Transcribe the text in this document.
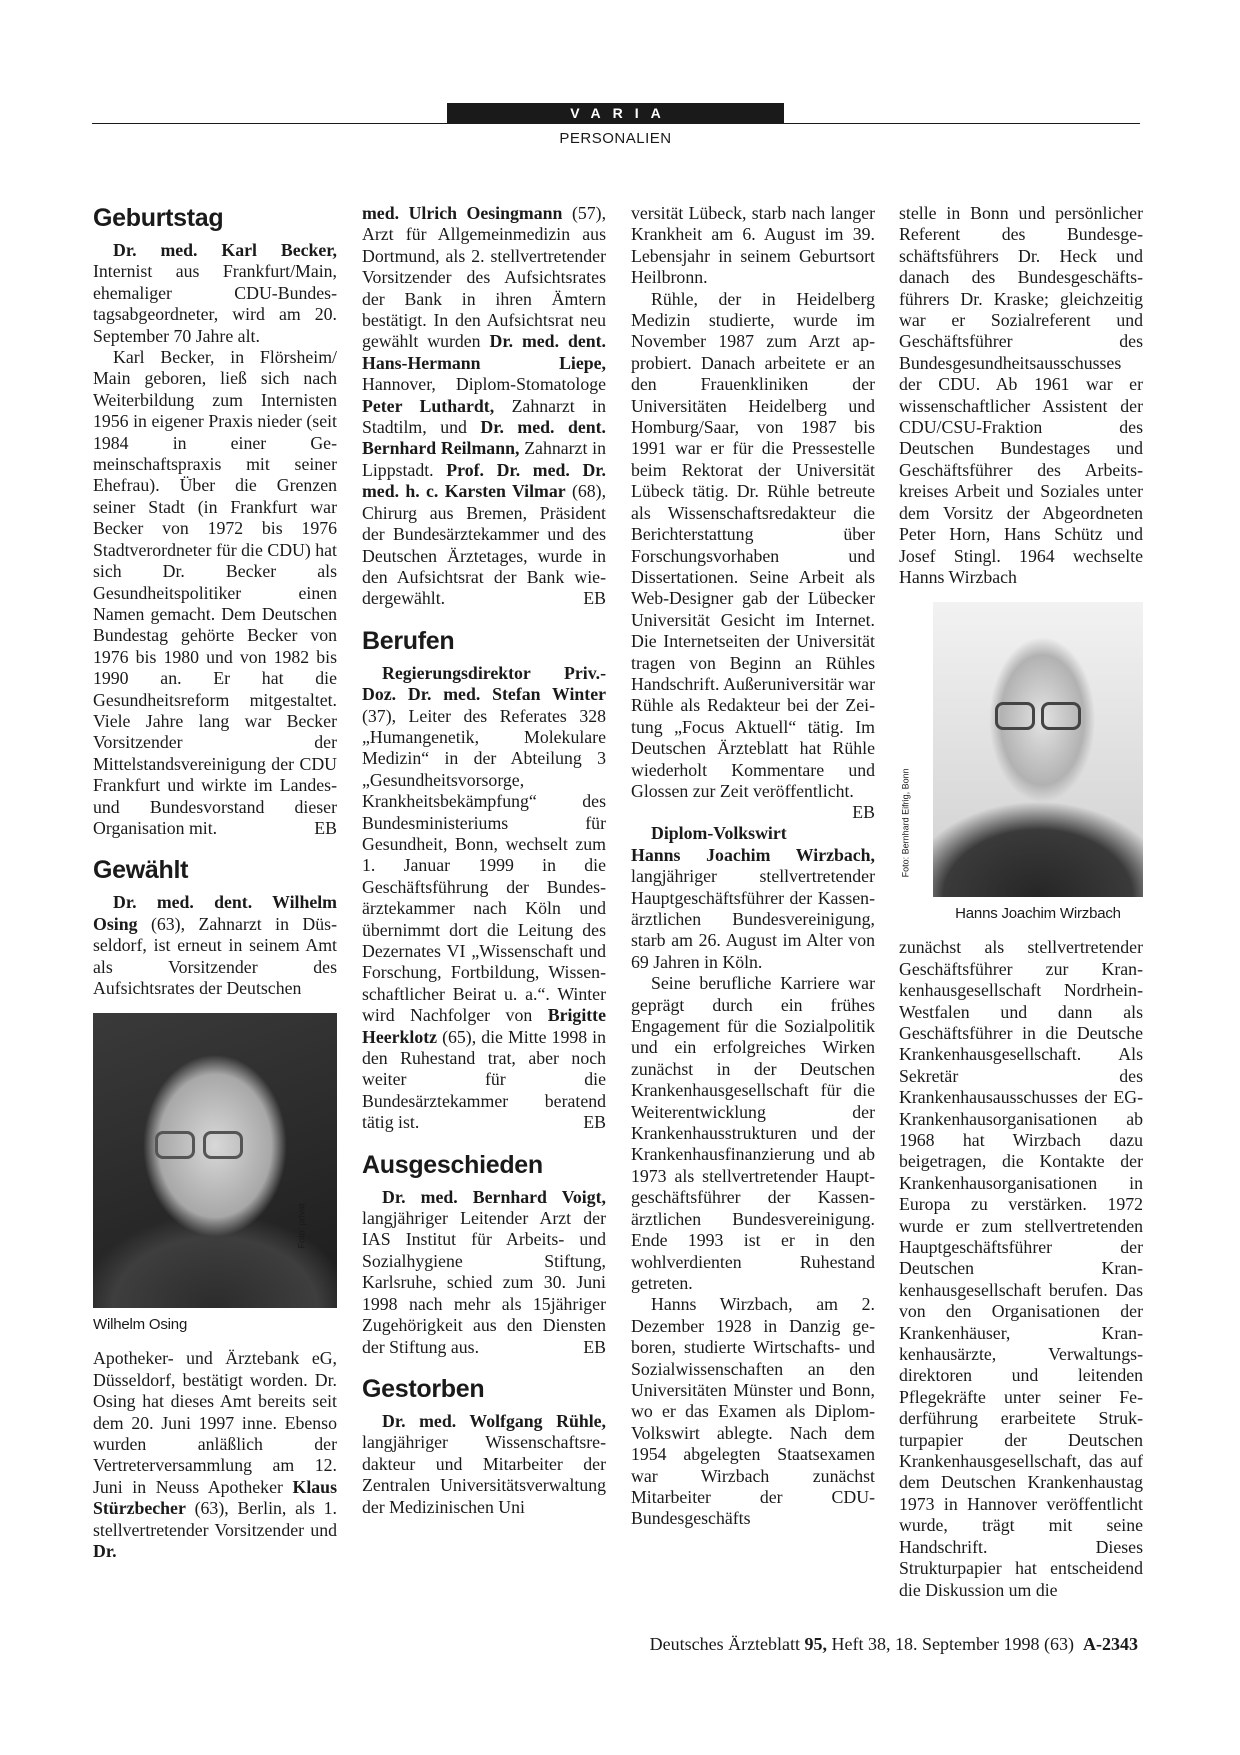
VARIA
PERSONALIEN
Geburtstag

Dr. med. Karl Becker, Internist aus Frankfurt/Main, ehemaliger CDU-Bundestagsabgeordneter, wird am 20. September 70 Jahre alt.

Karl Becker, in Flörsheim/ Main geboren, ließ sich nach Weiterbildung zum Internisten 1956 in eigener Praxis nieder (seit 1984 in einer Gemeinschaftspraxis mit seiner Ehefrau). Über die Grenzen seiner Stadt (in Frankfurt war Becker von 1972 bis 1976 Stadtverordneter für die CDU) hat sich Dr. Becker als Gesundheitspolitiker einen Namen gemacht. Dem Deutschen Bundestag gehörte Becker von 1976 bis 1980 und von 1982 bis 1990 an. Er hat die Gesundheitsreform mitgestaltet. Viele Jahre lang war Becker Vorsitzender der Mittelstandsvereinigung der CDU Frankfurt und wirkte im Landes- und Bundesvorstand dieser Organisation mit.	EB

Gewählt

Dr. med. dent. Wilhelm Osing (63), Zahnarzt in Düsseldorf, ist erneut in seinem Amt als Vorsitzender des Aufsichtsrates der Deutschen

Foto: privat
Wilhelm Osing

Apotheker- und Ärztebank eG, Düsseldorf, bestätigt worden. Dr. Osing hat dieses Amt bereits seit dem 20. Juni 1997 inne. Ebenso wurden anläßlich der Vertreterversammlung am 12. Juni in Neuss Apotheker Klaus Stürzbecher (63), Berlin, als 1. stellvertretender Vorsitzender und Dr.

med. Ulrich Oesingmann (57), Arzt für Allgemeinmedizin aus Dortmund, als 2. stellvertretender Vorsitzender des Aufsichtsrates der Bank in ihren Ämtern bestätigt. In den Aufsichtsrat neu gewählt wurden Dr. med. dent. Hans-Hermann Liepe, Hannover, Diplom-Stomatologe Peter Luthardt, Zahnarzt in Stadtilm, und Dr. med. dent. Bernhard Reilmann, Zahnarzt in Lippstadt. Prof. Dr. med. Dr. med. h. c. Karsten Vilmar (68), Chirurg aus Bremen, Präsident der Bundesärztekammer und des Deutschen Ärztetages, wurde in den Aufsichtsrat der Bank wiedergewählt.	EB

Berufen

Regierungsdirektor Priv.-Doz. Dr. med. Stefan Winter (37), Leiter des Referates 328 „Humangenetik, Molekulare Medizin“ in der Abteilung 3 „Gesundheitsvorsorge, Krankheitsbekämpfung“ des Bundesministeriums für Gesundheit, Bonn, wechselt zum 1. Januar 1999 in die Geschäftsführung der Bundes-ärztekammer nach Köln und übernimmt dort die Leitung des Dezernates VI „Wissenschaft und Forschung, Fortbildung, Wissenschaftlicher Beirat u. a.“. Winter wird Nachfolger von Brigitte Heerklotz (65), die Mitte 1998 in den Ruhestand trat, aber noch weiter für die Bundesärztekammer beratend tätig ist.	EB

Ausgeschieden

Dr. med. Bernhard Voigt, langjähriger Leitender Arzt der IAS Institut für Arbeits- und Sozialhygiene Stiftung, Karlsruhe, schied zum 30. Juni 1998 nach mehr als 15jähriger Zugehörigkeit aus den Diensten der Stiftung aus.	EB

Gestorben

Dr. med. Wolfgang Rühle, langjähriger Wissenschaftsredakteur und Mitarbeiter der Zentralen Universitätsverwaltung der Medizinischen Uni

versität Lübeck, starb nach langer Krankheit am 6. August im 39. Lebensjahr in seinem Geburtsort Heilbronn.

Rühle, der in Heidelberg Medizin studierte, wurde im November 1987 zum Arzt approbiert. Danach arbeitete er an den Frauenkliniken der Universitäten Heidelberg und Homburg/Saar, von 1987 bis 1991 war er für die Pressestelle beim Rektorat der Universität Lübeck tätig. Dr. Rühle betreute als Wissenschaftsredakteur die Berichterstattung über Forschungsvorhaben und Dissertationen. Seine Arbeit als Web-Designer gab der Lübecker Universität Gesicht im Internet. Die Internetseiten der Universität tragen von Beginn an Rühles Handschrift. Außeruniversitär war Rühle als Redakteur bei der Zeitung „Focus Aktuell“ tätig. Im Deutschen Ärzteblatt hat Rühle wiederholt Kommentare und Glossen zur Zeit veröffentlicht.
EB

Diplom-Volkswirt Hanns Joachim Wirzbach, langjähriger stellvertretender Hauptgeschäftsführer der Kassenärztlichen Bundesvereinigung, starb am 26. August im Alter von 69 Jahren in Köln.

Seine berufliche Karriere war geprägt durch ein frühes Engagement für die Sozialpolitik und ein erfolgreiches Wirken zunächst in der Deutschen Krankenhausgesellschaft für die Weiterentwicklung der Krankenhausstrukturen und der Krankenhausfinanzierung und ab 1973 als stellvertretender Hauptgeschäftsführer der Kassenärztlichen Bundesvereinigung. Ende 1993 ist er in den wohlverdienten Ruhestand getreten.

Hanns Wirzbach, am 2. Dezember 1928 in Danzig geboren, studierte Wirtschafts- und Sozialwissenschaften an den Universitäten Münster und Bonn, wo er das Examen als Diplom-Volkswirt ablegte. Nach dem 1954 abgelegten Staatsexamen war Wirzbach zunächst Mitarbeiter der CDU-Bundesgeschäfts

stelle in Bonn und persönlicher Referent des Bundesgeschäftsführers Dr. Heck und danach des Bundesgeschäftsführers Dr. Kraske; gleichzeitig war er Sozialreferent und Geschäftsführer des Bundesgesundheitsausschusses der CDU. Ab 1961 war er wissenschaftlicher Assistent der CDU/CSU-Fraktion des Deutschen Bundestages und Geschäftsführer des Arbeitskreises Arbeit und Soziales unter dem Vorsitz der Abgeordneten Peter Horn, Hans Schütz und Josef Stingl. 1964 wechselte Hanns Wirzbach

Foto: Bernhard Eifrig, Bonn
Hanns Joachim Wirzbach

zunächst als stellvertretender Geschäftsführer zur Krankenhausgesellschaft Nordrhein-Westfalen und dann als Geschäftsführer in die Deutsche Krankenhausgesellschaft. Als Sekretär des Krankenhausausschusses der EG-Krankenhausorganisationen ab 1968 hat Wirzbach dazu beigetragen, die Kontakte der Krankenhausorganisationen in Europa zu verstärken. 1972 wurde er zum stellvertretenden Hauptgeschäftsführer der Deutschen Krankenhausgesellschaft berufen. Das von den Organisationen der Krankenhäuser, Krankenhausärzte, Verwaltungsdirektoren und leitenden Pflegekräfte unter seiner Federführung erarbeitete Strukturpapier der Deutschen Krankenhausgesellschaft, das auf dem Deutschen Krankenhaustag 1973 in Hannover veröffentlicht wurde, trägt mit seine Handschrift. Dieses Strukturpapier hat entscheidend die Diskussion um die

Deutsches Ärzteblatt 95, Heft 38, 18. September 1998 (63) A-2343
